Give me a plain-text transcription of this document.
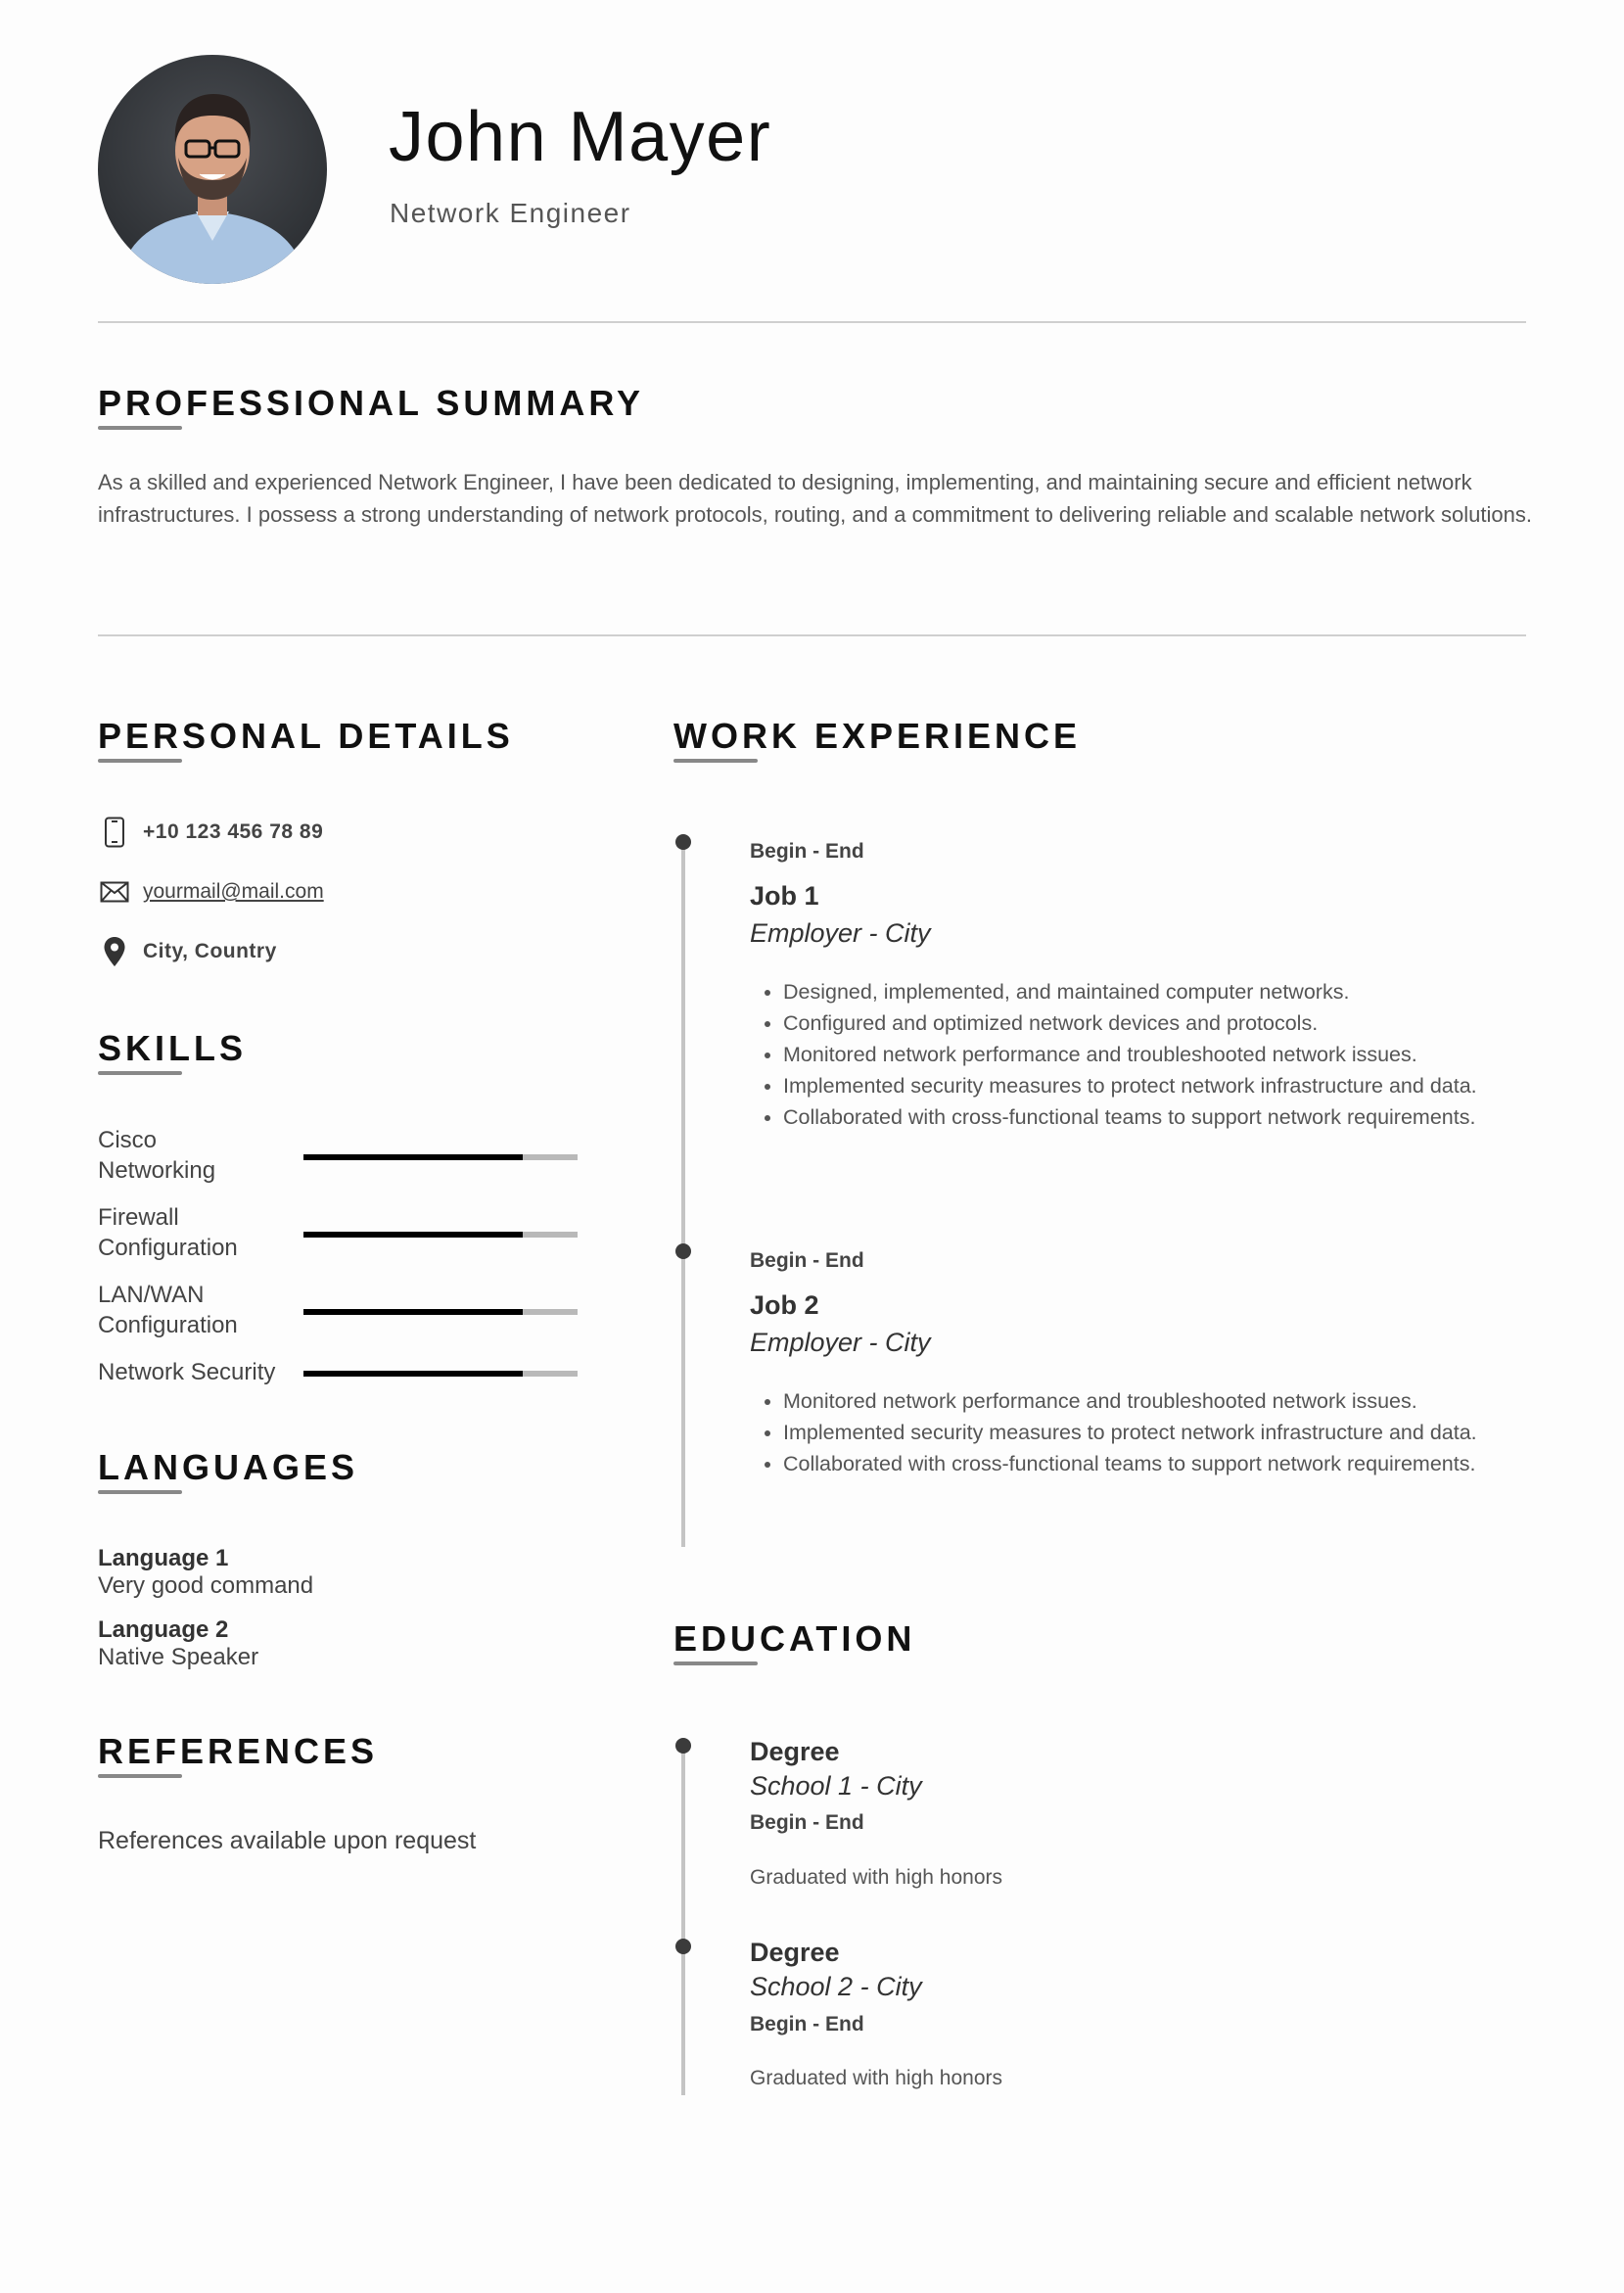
John Mayer
Network Engineer
PROFESSIONAL SUMMARY
As a skilled and experienced Network Engineer, I have been dedicated to designing, implementing, and maintaining secure and efficient network infrastructures. I possess a strong understanding of network protocols, routing, and a commitment to delivering reliable and scalable network solutions.
PERSONAL DETAILS
+10 123 456 78 89
yourmail@mail.com
City, Country
SKILLS
Cisco
Networking
Firewall
Configuration
LAN/WAN
Configuration
Network Security
LANGUAGES
Language 1
Very good command
Language 2
Native Speaker
REFERENCES
References available upon request
WORK EXPERIENCE
Begin - End
Job 1
Employer - City
• Designed, implemented, and maintained computer networks.
• Configured and optimized network devices and protocols.
• Monitored network performance and troubleshooted network issues.
• Implemented security measures to protect network infrastructure and data.
• Collaborated with cross-functional teams to support network requirements.
Begin - End
Job 2
Employer - City
• Monitored network performance and troubleshooted network issues.
• Implemented security measures to protect network infrastructure and data.
• Collaborated with cross-functional teams to support network requirements.
EDUCATION
Degree
School 1 - City
Begin - End
Graduated with high honors
Degree
School 2 - City
Begin - End
Graduated with high honors
